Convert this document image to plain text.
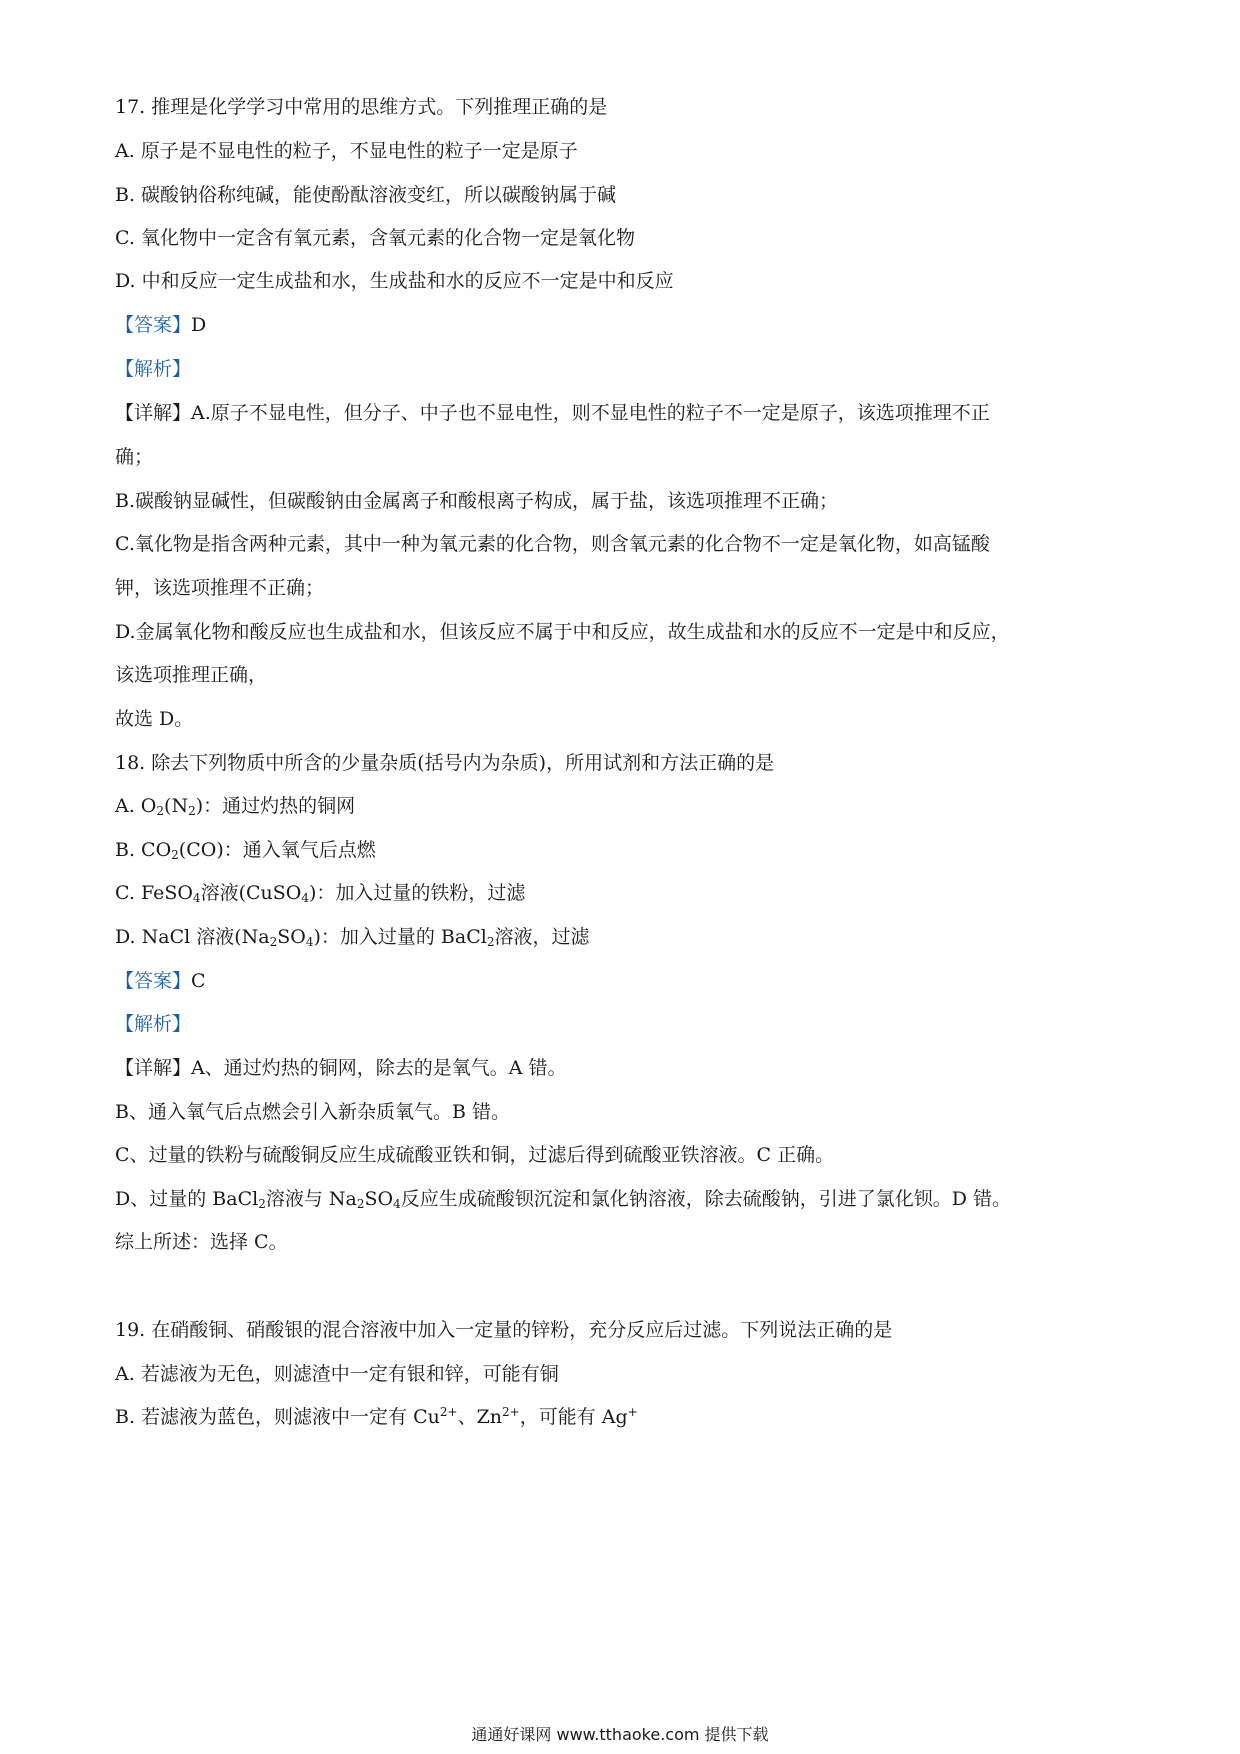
17. 推理是化学学习中常用的思维方式。下列推理正确的是
A. 原子是不显电性的粒子，不显电性的粒子一定是原子
B. 碳酸钠俗称纯碱，能使酚酞溶液变红，所以碳酸钠属于碱
C. 氧化物中一定含有氧元素，含氧元素的化合物一定是氧化物
D. 中和反应一定生成盐和水，生成盐和水的反应不一定是中和反应
【答案】D
【解析】
【详解】A.原子不显电性，但分子、中子也不显电性，则不显电性的粒子不一定是原子，该选项推理不正
确；
B.碳酸钠显碱性，但碳酸钠由金属离子和酸根离子构成，属于盐，该选项推理不正确；
C.氧化物是指含两种元素，其中一种为氧元素的化合物，则含氧元素的化合物不一定是氧化物，如高锰酸
钾，该选项推理不正确；
D.金属氧化物和酸反应也生成盐和水，但该反应不属于中和反应，故生成盐和水的反应不一定是中和反应，
该选项推理正确，
故选 D。
18. 除去下列物质中所含的少量杂质(括号内为杂质)，所用试剂和方法正确的是
A. $O_2(N_2)$：通过灼热的铜网
B. $CO_2(CO)$：通入氧气后点燃
C. FeSO$_4$溶液(CuSO$_4$)：加入过量的铁粉，过滤
D. NaCl 溶液$(Na_2SO_4)$：加入过量的 BaCl$_2$溶液，过滤
【答案】C
【解析】
【详解】A、通过灼热的铜网，除去的是氧气。A 错。
B、通入氧气后点燃会引入新杂质氧气。B 错。
C、过量的铁粉与硫酸铜反应生成硫酸亚铁和铜，过滤后得到硫酸亚铁溶液。C 正确。
D、过量的 BaCl$_2$溶液与 $Na_2SO_4$反应生成硫酸钡沉淀和氯化钠溶液，除去硫酸钠，引进了氯化钡。D 错。
综上所述：选择 C。
19. 在硝酸铜、硝酸银的混合溶液中加入一定量的锌粉，充分反应后过滤。下列说法正确的是
A. 若滤液为无色，则滤渣中一定有银和锌，可能有铜
B. 若滤液为蓝色，则滤液中一定有 $Cu^{2+}$、$Zn^{2+}$，可能有 Ag+
通通好课网 www.tthaoke.com 提供下载
